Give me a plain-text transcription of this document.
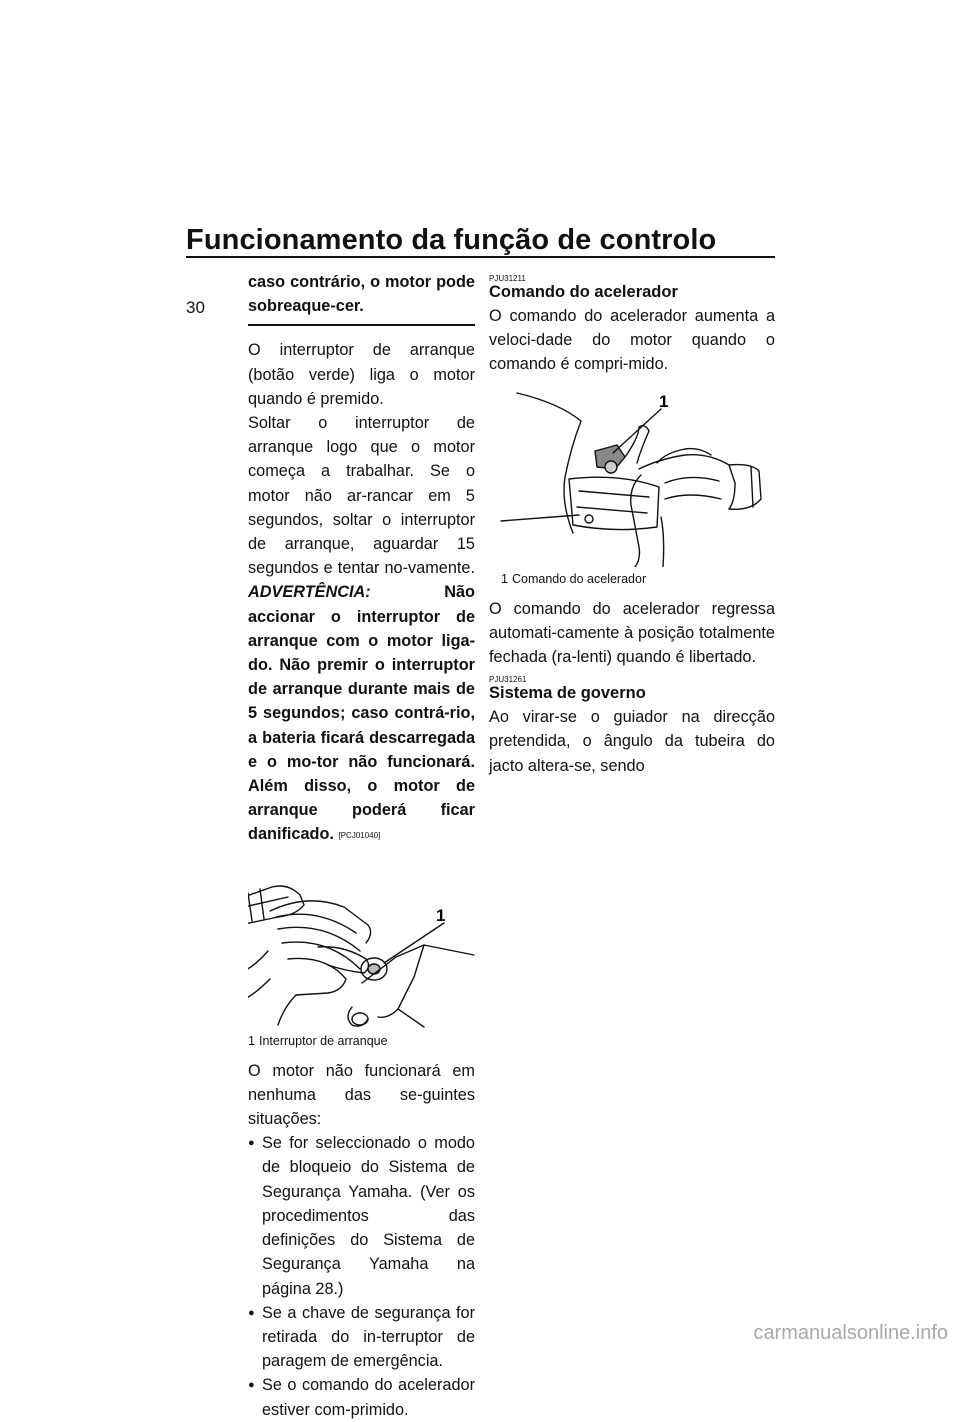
Funcionamento da função de controlo
30

caso contrário, o motor pode sobreaque-cer.

O interruptor de arranque (botão verde) liga o motor quando é premido.

Soltar o interruptor de arranque logo que o motor começa a trabalhar. Se o motor não ar-rancar em 5 segundos, soltar o interruptor de arranque, aguardar 15 segundos e tentar no-vamente. ADVERTÊNCIA:	Não accionar o interruptor de arranque com o motor liga-do. Não premir o interruptor de arranque durante mais de 5 segundos; caso contrá-rio, a bateria ficará descarregada e o mo-tor não funcionará. Além disso, o motor de arranque poderá ficar danificado. [PCJ01040]

1
1 Interruptor de arranque

O motor não funcionará em nenhuma das se-guintes situações:

● Se for seleccionado o modo de bloqueio do Sistema de Segurança Yamaha. (Ver os procedimentos das definições do Sistema de Segurança Yamaha na página 28.)
● Se a chave de segurança for retirada do in-terruptor de paragem de emergência.
● Se o comando do acelerador estiver com-primido.
PJU31211
Comando do acelerador

O comando do acelerador aumenta a veloci-dade do motor quando o comando é compri-mido.

1
1 Comando do acelerador

O comando do acelerador regressa automati-camente à posição totalmente fechada (ra-lenti) quando é libertado.

PJU31261
Sistema de governo

Ao virar-se o guiador na direcção pretendida, o ângulo da tubeira do jacto altera-se, sendo

carmanualsonline.info
